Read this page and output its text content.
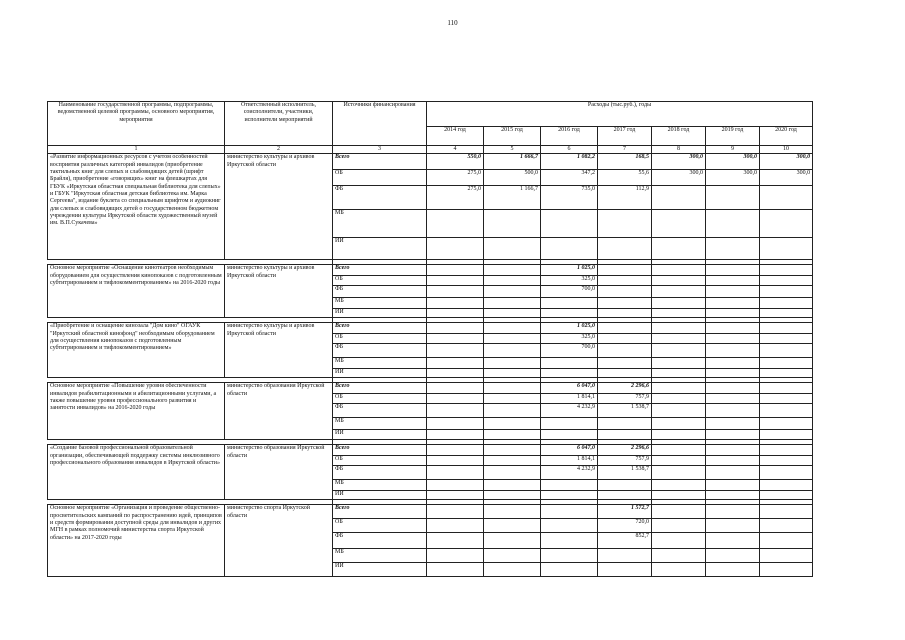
110
Наименование государственной программы, подпрограммы, ведомственной целевой программы, основного мероприятия, мероприятия	Ответственный исполнитель, соисполнители, участники, исполнители мероприятий	Источники финансирования	Расходы (тыс.руб.), годы						
			2014 год	2015 год	2016 год	2017 год	2018 год	2019 год	2020 год
1	2	3	4	5	6	7	8	9	10
«Развитие информационных ресурсов с учетом особенностей восприятия различных категорий инвалидов (приобретение тактильных книг для слепых и слабовидящих детей (шрифт Брайля), приобретение «говорящих» книг на флешкартах для ГБУК «Иркутская областная специальная библиотека для слепых» и ГБУК "Иркутская областная детская библиотека им. Марка Сергеева", издание буклета со специальным шрифтом и аудиокниг для слепых и слабовидящих детей о государственном бюджетном учреждении культуры Иркутской области художественный музей им. В.П.Сукачева»	министерство культуры и архивов Иркутской области	Всего	550,0	1 666,7	1 082,2	168,5	300,0	300,0	300,0
		ОБ	275,0	500,0	347,2	55,6	300,0	300,0	300,0
		ФБ	275,0	1 166,7	735,0	112,9			
		МБ							
		ИИ							

Основное мероприятие «Оснащение кинотеатров необходимым оборудованием для осуществления кинопоказов с подготовленным субтитрированием и тифлокомментированием» на 2016-2020 годы	министерство культуры и архивов Иркутской области	Всего			1 025,0				
		ОБ			325,0				
		ФБ			700,0				
		МБ							
		ИИ							

«Приобретение и оснащение кинозала "Дом кино" ОГАУК "Иркутский областной кинофонд" необходимым оборудованием для осуществления кинопоказов с подготовленным субтитрированием и тифлокомментированием»	министерство культуры и архивов Иркутской области	Всего			1 025,0				
		ОБ			325,0				
		ФБ			700,0				
		МБ							
		ИИ							

Основное мероприятие «Повышение уровня обеспеченности инвалидов реабилитационными и абилитационными услугами, а также повышение уровня профессионального развития и занятости инвалидов» на 2016-2020 годы	министерство образования Иркутской области	Всего			6 047,0	2 296,6			
		ОБ			1 814,1	757,9			
		ФБ			4 232,9	1 538,7			
		МБ							
		ИИ							

«Создание базовой профессиональной образовательной организации, обеспечивающей поддержку системы инклюзивного профессионального образования инвалидов в Иркутской области»	министерство образования Иркутской области	Всего			6 047,0	2 296,6			
		ОБ			1 814,1	757,9			
		ФБ			4 232,9	1 538,7			
		МБ							
		ИИ							

Основное мероприятие «Организация и проведение общественно-просветительских кампаний по распространению идей, принципов и средств формирования доступной среды для инвалидов и других МГН в рамках полномочий министерства спорта Иркутской области» на 2017-2020 годы	министерство спорта Иркутской области	Всего				1 572,7			
		ОБ				720,0			
		ФБ				852,7			
		МБ							
		ИИ							
